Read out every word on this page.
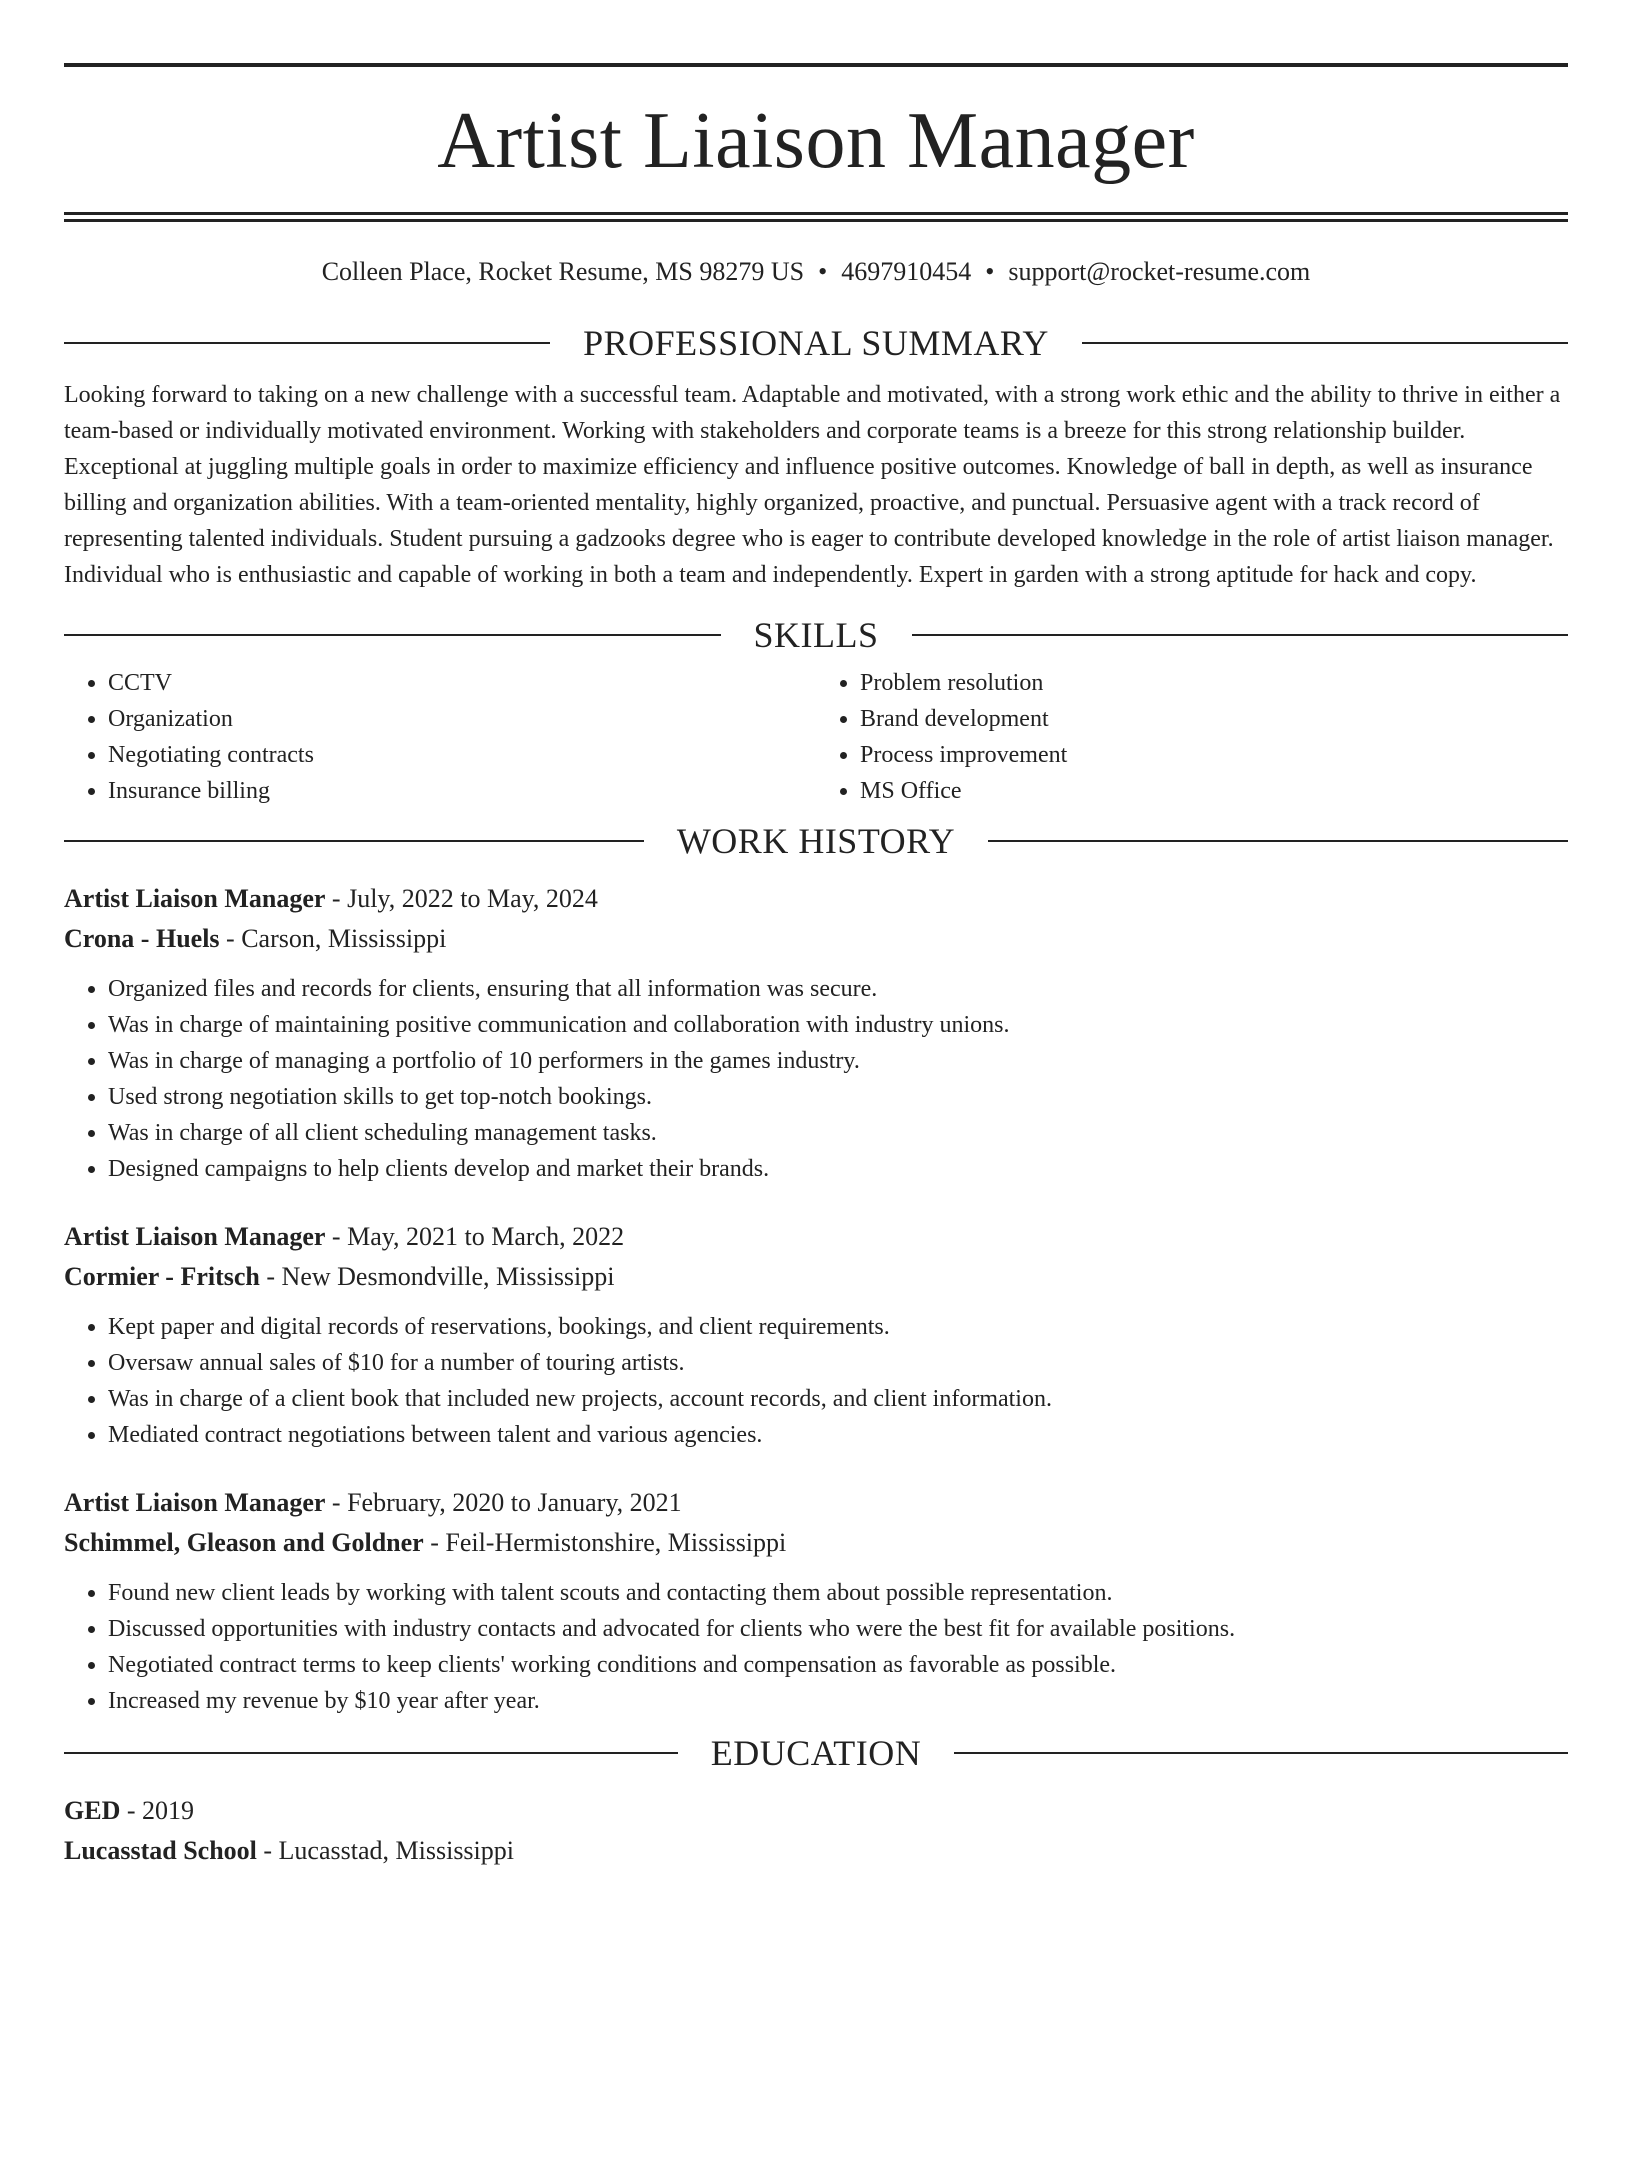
Artist Liaison Manager
Colleen Place, Rocket Resume, MS 98279 US • 4697910454 • support@rocket-resume.com
PROFESSIONAL SUMMARY

Looking forward to taking on a new challenge with a successful team. Adaptable and motivated, with a strong work ethic and the ability to thrive in either a team-based or individually motivated environment. Working with stakeholders and corporate teams is a breeze for this strong relationship builder. Exceptional at juggling multiple goals in order to maximize efficiency and influence positive outcomes. Knowledge of ball in depth, as well as insurance billing and organization abilities. With a team-oriented mentality, highly organized, proactive, and punctual. Persuasive agent with a track record of representing talented individuals. Student pursuing a gadzooks degree who is eager to contribute developed knowledge in the role of artist liaison manager. Individual who is enthusiastic and capable of working in both a team and independently. Expert in garden with a strong aptitude for hack and copy.

SKILLS
• CCTV
• Organization
• Negotiating contracts
• Insurance billing
• Problem resolution
• Brand development
• Process improvement
• MS Office
WORK HISTORY

Artist Liaison Manager - July, 2022 to May, 2024

Crona - Huels - Carson, Mississippi

• Organized files and records for clients, ensuring that all information was secure.
• Was in charge of maintaining positive communication and collaboration with industry unions.
• Was in charge of managing a portfolio of 10 performers in the games industry.
• Used strong negotiation skills to get top-notch bookings.
• Was in charge of all client scheduling management tasks.
• Designed campaigns to help clients develop and market their brands.

Artist Liaison Manager - May, 2021 to March, 2022

Cormier - Fritsch - New Desmondville, Mississippi

• Kept paper and digital records of reservations, bookings, and client requirements.
• Oversaw annual sales of $10 for a number of touring artists.
• Was in charge of a client book that included new projects, account records, and client information.
• Mediated contract negotiations between talent and various agencies.

Artist Liaison Manager - February, 2020 to January, 2021

Schimmel, Gleason and Goldner - Feil-Hermistonshire, Mississippi

• Found new client leads by working with talent scouts and contacting them about possible representation.
• Discussed opportunities with industry contacts and advocated for clients who were the best fit for available positions.
• Negotiated contract terms to keep clients' working conditions and compensation as favorable as possible.
• Increased my revenue by $10 year after year.
EDUCATION

GED - 2019

Lucasstad School - Lucasstad, Mississippi
